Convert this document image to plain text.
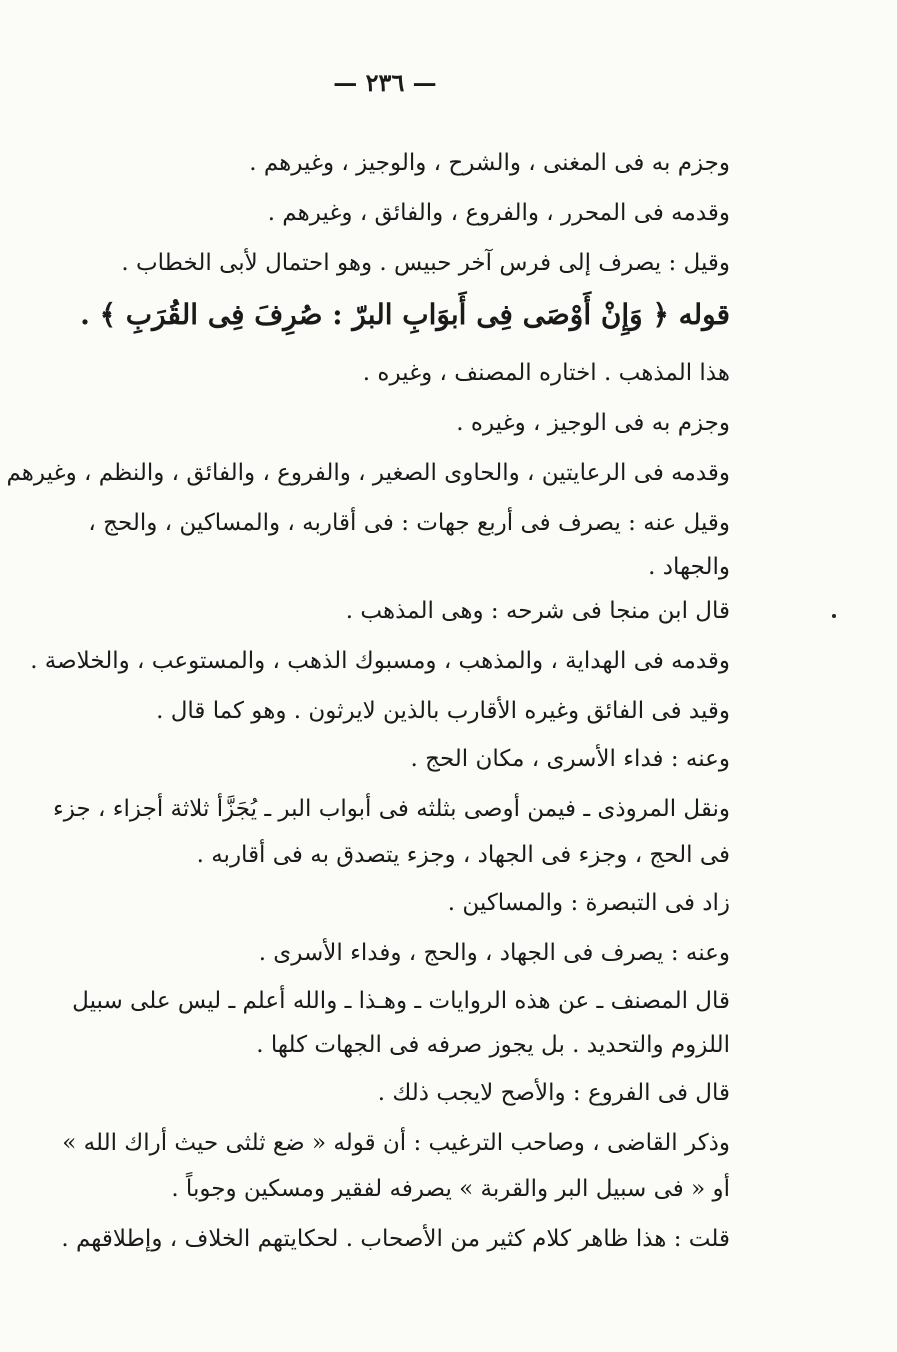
— ٢٣٦ —
وجزم به فى المغنى ، والشرح ، والوجيز ، وغيرهم .
وقدمه فى المحرر ، والفروع ، والفائق ، وغيرهم .
وقيل : يصرف إلى فرس آخر حبيس . وهو احتمال لأبى الخطاب .
قوله ﴿ وَإِنْ أَوْصَى فِى أَبوَابِ البرّ : صُرِفَ فِى القُرَبِ ﴾ .
هذا المذهب . اختاره المصنف ، وغيره .
وجزم به فى الوجيز ، وغيره .
وقدمه فى الرعايتين ، والحاوى الصغير ، والفروع ، والفائق ، والنظم ، وغيرهم
وقيل عنه : يصرف فى أربع جهات : فى أقاربه ، والمساكين ، والحج ،
والجهاد .
قال ابن منجا فى شرحه : وهى المذهب .
وقدمه فى الهداية ، والمذهب ، ومسبوك الذهب ، والمستوعب ، والخلاصة .
وقيد فى الفائق وغيره الأقارب بالذين لايرثون . وهو كما قال .
وعنه : فداء الأسرى ، مكان الحج .
ونقل المروذى ـ فيمن أوصى بثلثه فى أبواب البر ـ يُجَزَّأ ثلاثة أجزاء ، جزء
فى الحج ، وجزء فى الجهاد ، وجزء يتصدق به فى أقاربه .
زاد فى التبصرة : والمساكين .
وعنه : يصرف فى الجهاد ، والحج ، وفداء الأسرى .
قال المصنف ـ عن هذه الروايات ـ وهـذا ـ والله أعلم ـ ليس على سبيل
اللزوم والتحديد . بل يجوز صرفه فى الجهات كلها .
قال فى الفروع : والأصح لايجب ذلك .
وذكر القاضى ، وصاحب الترغيب : أن قوله « ضع ثلثى حيث أراك الله »
أو « فى سبيل البر والقربة » يصرفه لفقير ومسكين وجوباً .
قلت : هذا ظاهر كلام كثير من الأصحاب . لحكايتهم الخلاف ، وإطلاقهم .
